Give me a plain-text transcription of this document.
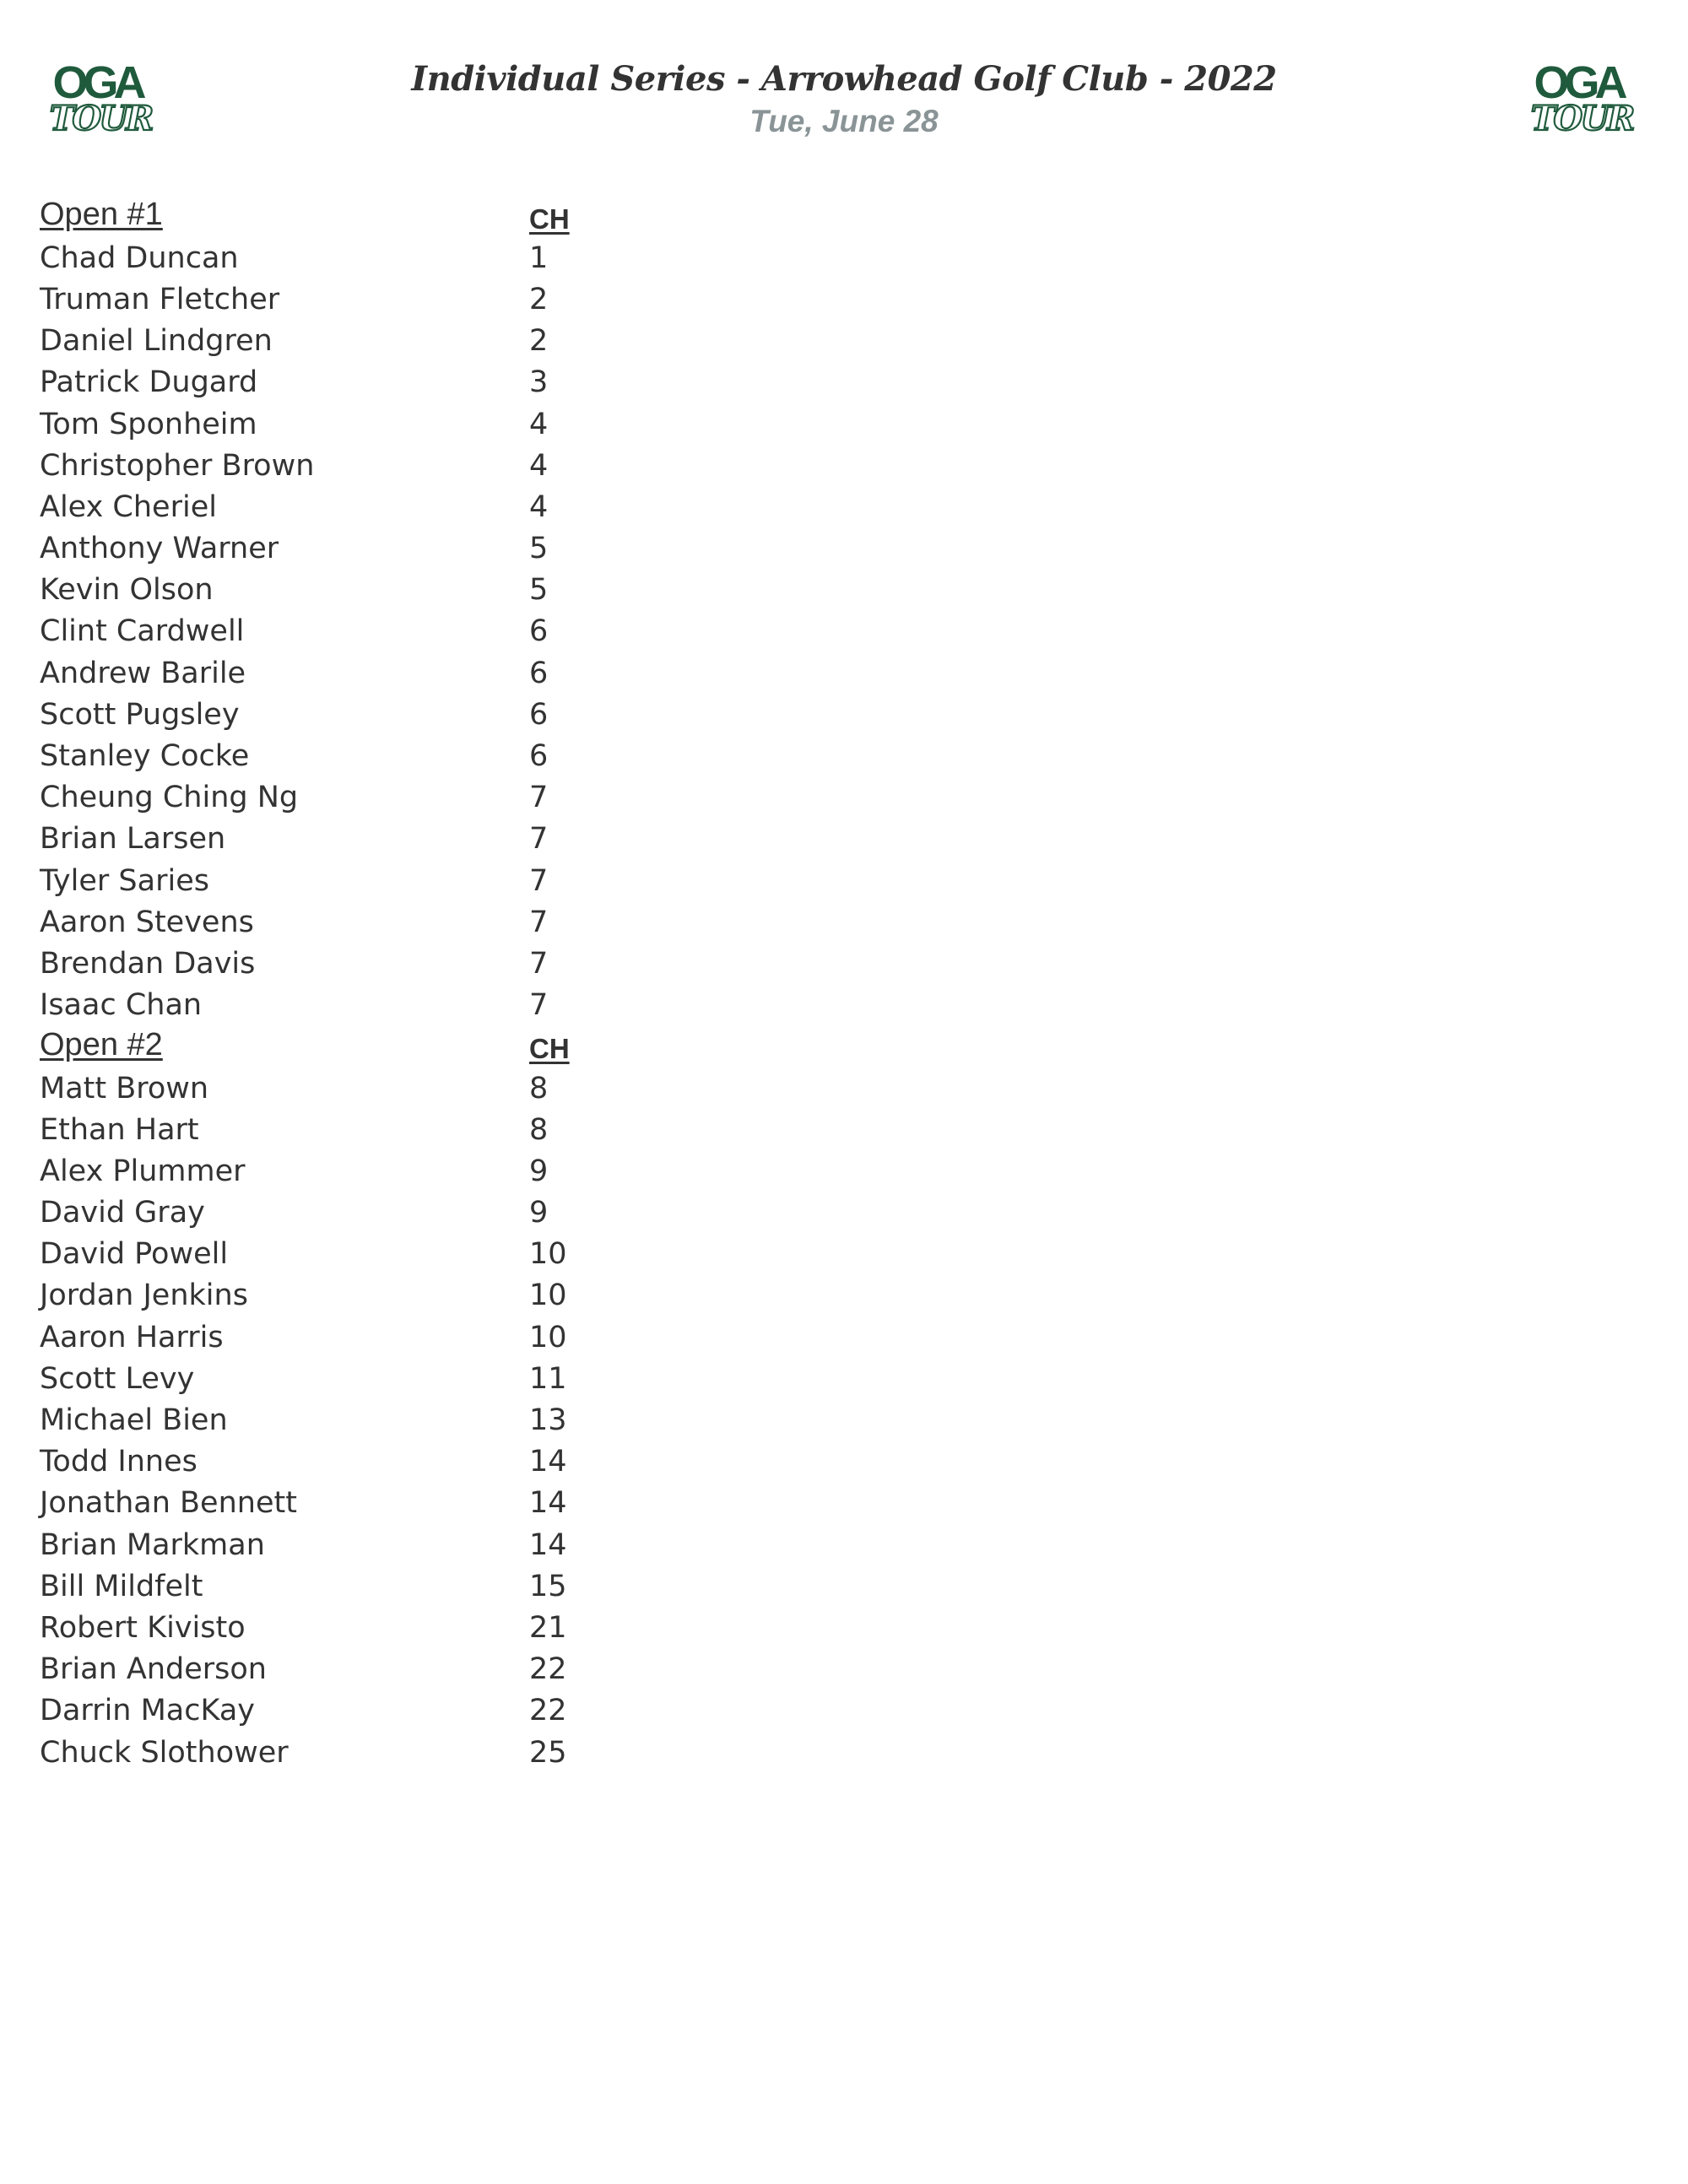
OGA
TOUR
OGA
TOUR
Individual Series - Arrowhead Golf Club - 2022
Tue, June 28
Open #1	CH
Chad Duncan	1
Truman Fletcher	2
Daniel Lindgren	2
Patrick Dugard	3
Tom Sponheim	4
Christopher Brown	4
Alex Cheriel	4
Anthony Warner	5
Kevin Olson	5
Clint Cardwell	6
Andrew Barile	6
Scott Pugsley	6
Stanley Cocke	6
Cheung Ching Ng	7
Brian Larsen	7
Tyler Saries	7
Aaron Stevens	7
Brendan Davis	7
Isaac Chan	7
Open #2	CH
Matt Brown	8
Ethan Hart	8
Alex Plummer	9
David Gray	9
David Powell	10
Jordan Jenkins	10
Aaron Harris	10
Scott Levy	11
Michael Bien	13
Todd Innes	14
Jonathan Bennett	14
Brian Markman	14
Bill Mildfelt	15
Robert Kivisto	21
Brian Anderson	22
Darrin MacKay	22
Chuck Slothower	25
